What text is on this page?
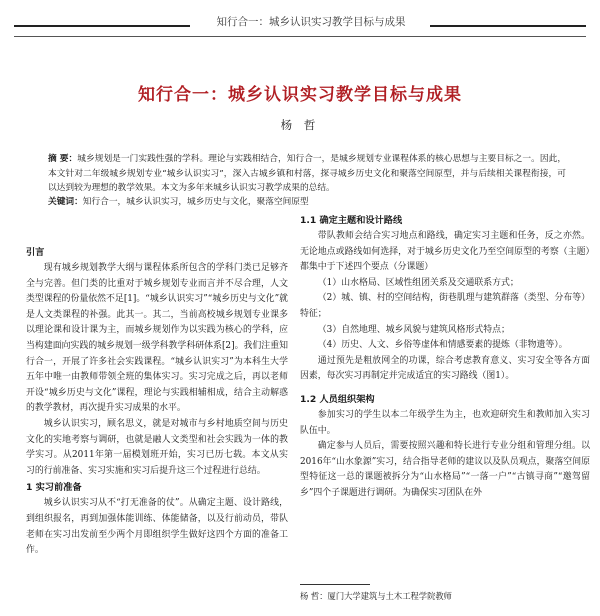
知行合一：城乡认识实习教学目标与成果
知行合一：城乡认识实习教学目标与成果
杨 哲
摘 要：城乡规划是一门实践性强的学科。理论与实践相结合，知行合一，是城乡规划专业课程体系的核心思想与主要目标之一。因此，本文针对二年级城乡规划专业“城乡认识实习”，深入古城乡镇和村落，探寻城乡历史文化和聚落空间原型，并与后续相关课程衔接，可以达到较为理想的教学效果。本文为多年来城乡认识实习教学成果的总结。
关键词：知行合一，城乡认识实习，城乡历史与文化，聚落空间原型
引言

现有城乡规划教学大纲与课程体系所包含的学科门类已足够齐全与完善。但门类的比重对于城乡规划专业而言并不尽合理，人文类型课程的份量依然不足[1]。“城乡认识实习”“城乡历史与文化”就是人文类课程的补强。此其一。其二，当前高校城乡规划专业课多以理论课和设计课为主，而城乡规划作为以实践为核心的学科，应当构建面向实践的城乡规划一级学科教学科研体系[2]。我们注重知行合一，开展了许多社会实践课程。“城乡认识实习”为本科生大学五年中唯一由教师带领全班的集体实习。实习完成之后，再以老师开设“城乡历史与文化”课程，理论与实践相辅相成，结合主动解惑的教学教材，再次提升实习成果的水平。

城乡认识实习，顾名思义，就是对城市与乡村地质空间与历史文化的实地考察与调研，也就是融人文类型和社会实践为一体的教学实习。从2011年第一届模划班开始，实习已历七载。本文从实习的行前准备、实习实施和实习后提升这三个过程进行总结。

1 实习前准备

城乡认识实习从不“打无准备的仗”。从确定主题、设计路线，到组织报名，再到加强体能训练、体能储备，以及行前动员，带队老师在实习出发前至少两个月即组织学生做好这四个方面的准备工作。

1.1 确定主题和设计路线

带队教师会结合实习地点和路线，确定实习主题和任务，反之亦然。无论地点或路线如何选择，对于城乡历史文化乃至空间原型的考察（主题）都集中于下述四个要点（分课题）

（1）山水格局、区域性组团关系及交通联系方式；

（2）城、镇、村的空间结构，街巷肌理与建筑群落（类型、分布等）特征；

（3）自然地理、城乡风貌与建筑风格形式特点；

（4）历史、人文、乡俗等虚体和情感要素的提炼（非物遗等）。

通过预先是粗放网全的功课，综合考虑教育意义、实习安全等各方面因素，每次实习再制定并完成适宜的实习路线（图1）。

1.2 人员组织架构

参加实习的学生以本二年级学生为主，也欢迎研究生和教师加入实习队伍中。

确定参与人员后，需要按照兴趣和特长进行专业分组和管理分组。以2016年“山水象源”实习，结合指导老师的建议以及队员观点，聚落空间原型特征这一总的课题被拆分为“山水格局”“一落一户”“古镇寻商”“邀驾留乡”四个子课题进行调研。为确保实习团队在外

杨 哲：厦门大学建筑与土木工程学院教师
